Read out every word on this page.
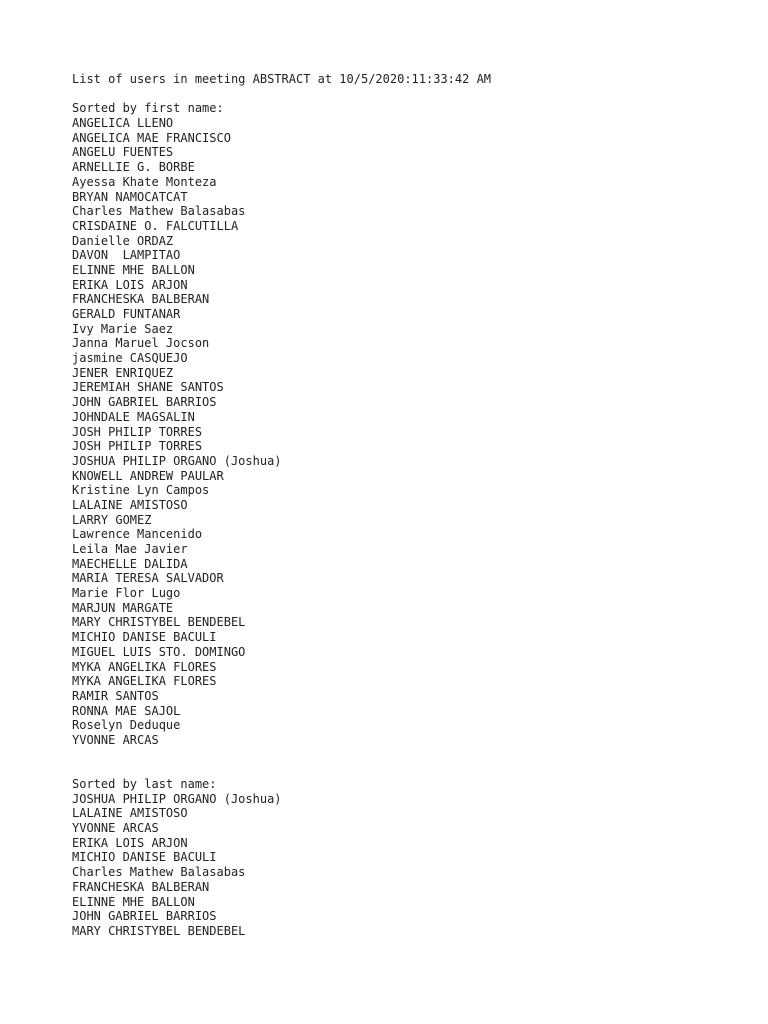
List of users in meeting ABSTRACT at 10/5/2020:11:33:42 AM
Sorted by first name:
ANGELICA LLENO
ANGELICA MAE FRANCISCO
ANGELU FUENTES
ARNELLIE G. BORBE
Ayessa Khate Monteza
BRYAN NAMOCATCAT
Charles Mathew Balasabas
CRISDAINE O. FALCUTILLA
Danielle ORDAZ
DAVON  LAMPITAO
ELINNE MHE BALLON
ERIKA LOIS ARJON
FRANCHESKA BALBERAN
GERALD FUNTANAR
Ivy Marie Saez
Janna Maruel Jocson
jasmine CASQUEJO
JENER ENRIQUEZ
JEREMIAH SHANE SANTOS
JOHN GABRIEL BARRIOS
JOHNDALE MAGSALIN
JOSH PHILIP TORRES
JOSH PHILIP TORRES
JOSHUA PHILIP ORGANO (Joshua)
KNOWELL ANDREW PAULAR
Kristine Lyn Campos
LALAINE AMISTOSO
LARRY GOMEZ
Lawrence Mancenido
Leila Mae Javier
MAECHELLE DALIDA
MARIA TERESA SALVADOR
Marie Flor Lugo
MARJUN MARGATE
MARY CHRISTYBEL BENDEBEL
MICHIO DANISE BACULI
MIGUEL LUIS STO. DOMINGO
MYKA ANGELIKA FLORES
MYKA ANGELIKA FLORES
RAMIR SANTOS
RONNA MAE SAJOL
Roselyn Deduque
YVONNE ARCAS
Sorted by last name:
JOSHUA PHILIP ORGANO (Joshua)
LALAINE AMISTOSO
YVONNE ARCAS
ERIKA LOIS ARJON
MICHIO DANISE BACULI
Charles Mathew Balasabas
FRANCHESKA BALBERAN
ELINNE MHE BALLON
JOHN GABRIEL BARRIOS
MARY CHRISTYBEL BENDEBEL
